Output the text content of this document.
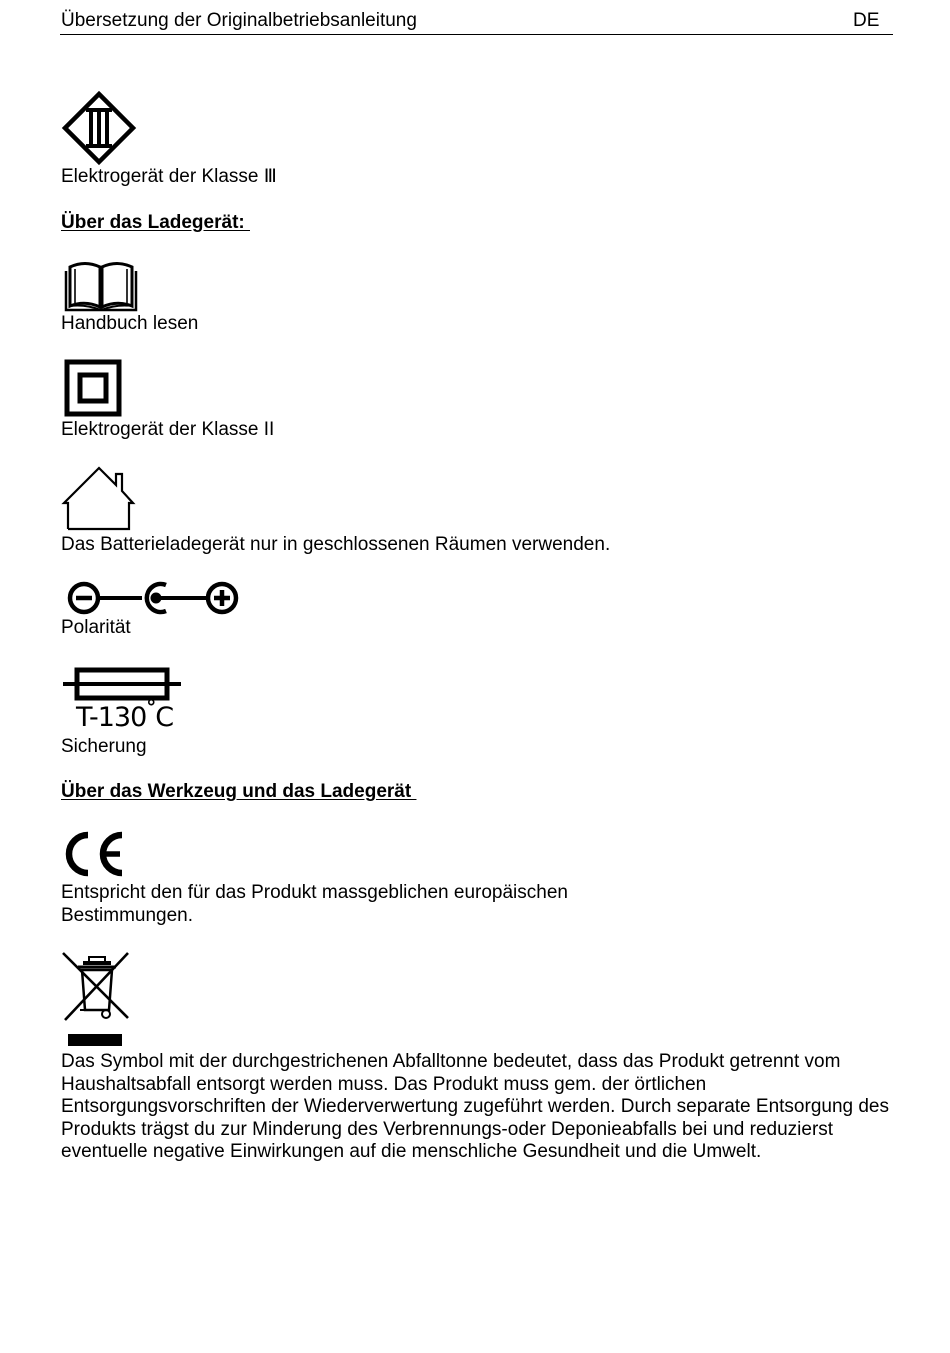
Übersetzung der Originalbetriebsanleitung	DE
Elektrogerät der Klasse Ⅲ
Über das Ladegerät:
Handbuch lesen
Elektrogerät der Klasse II
Das Batterieladegerät nur in geschlossenen Räumen verwenden.
Polarität
T-130°C
Sicherung
Über das Werkzeug und das Ladegerät
Entspricht den für das Produkt massgeblichen europäischen Bestimmungen.
Das Symbol mit der durchgestrichenen Abfalltonne bedeutet, dass das Produkt getrennt vom Haushaltsabfall entsorgt werden muss. Das Produkt muss gem. der örtlichen Entsorgungsvorschriften der Wiederverwertung zugeführt werden. Durch separate Entsorgung des Produkts trägst du zur Minderung des Verbrennungs-oder Deponieabfalls bei und reduzierst eventuelle negative Einwirkungen auf die menschliche Gesundheit und die Umwelt.
